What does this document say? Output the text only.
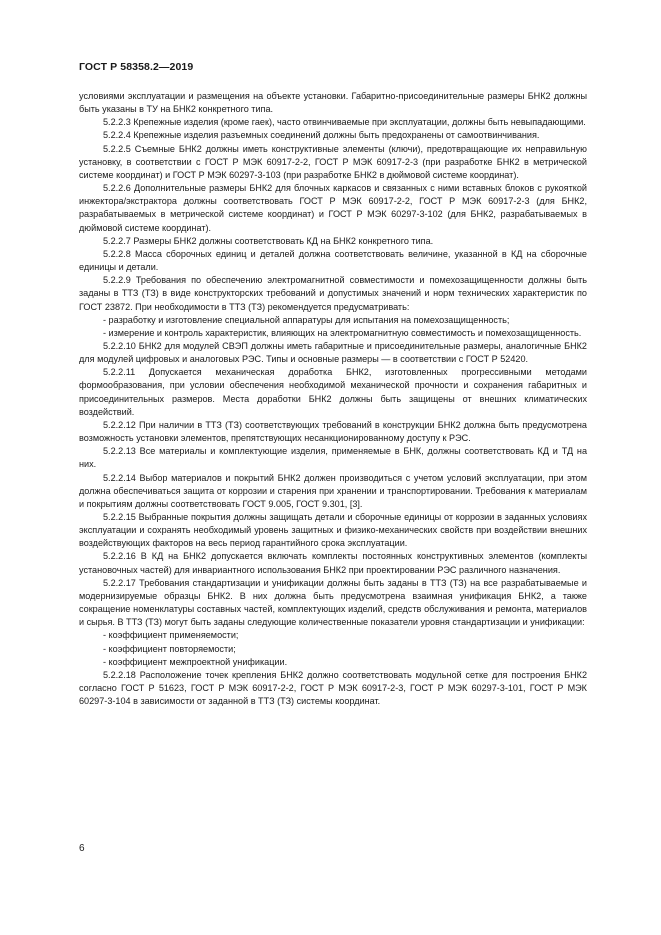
ГОСТ Р 58358.2—2019

условиями эксплуатации и размещения на объекте установки. Габаритно-присоединительные размеры БНК2 должны быть указаны в ТУ на БНК2 конкретного типа.

5.2.2.3 Крепежные изделия (кроме гаек), часто отвинчиваемые при эксплуатации, должны быть невыпадающими.

5.2.2.4 Крепежные изделия разъемных соединений должны быть предохранены от самоотвинчивания.

5.2.2.5 Съемные БНК2 должны иметь конструктивные элементы (ключи), предотвращающие их неправильную установку, в соответствии с ГОСТ Р МЭК 60917-2-2, ГОСТ Р МЭК 60917-2-3 (при разработке БНК2 в метрической системе координат) и ГОСТ Р МЭК 60297-3-103 (при разработке БНК2 в дюймовой системе координат).

5.2.2.6 Дополнительные размеры БНК2 для блочных каркасов и связанных с ними вставных блоков с рукояткой инжектора/экстрактора должны соответствовать ГОСТ Р МЭК 60917-2-2, ГОСТ Р МЭК 60917-2-3 (для БНК2, разрабатываемых в метрической системе координат) и ГОСТ Р МЭК 60297-3-102 (для БНК2, разрабатываемых в дюймовой системе координат).

5.2.2.7 Размеры БНК2 должны соответствовать КД на БНК2 конкретного типа.

5.2.2.8 Масса сборочных единиц и деталей должна соответствовать величине, указанной в КД на сборочные единицы и детали.

5.2.2.9 Требования по обеспечению электромагнитной совместимости и помехозащищенности должны быть заданы в ТТЗ (ТЗ) в виде конструкторских требований и допустимых значений и норм технических характеристик по ГОСТ 23872. При необходимости в ТТЗ (ТЗ) рекомендуется предусматривать:

- разработку и изготовление специальной аппаратуры для испытания на помехозащищенность;

- измерение и контроль характеристик, влияющих на электромагнитную совместимость и помехозащищенность.

5.2.2.10 БНК2 для модулей СВЭП должны иметь габаритные и присоединительные размеры, аналогичные БНК2 для модулей цифровых и аналоговых РЭС. Типы и основные размеры — в соответствии с ГОСТ Р 52420.

5.2.2.11 Допускается механическая доработка БНК2, изготовленных прогрессивными методами формообразования, при условии обеспечения необходимой механической прочности и сохранения габаритных и присоединительных размеров. Места доработки БНК2 должны быть защищены от внешних климатических воздействий.

5.2.2.12 При наличии в ТТЗ (ТЗ) соответствующих требований в конструкции БНК2 должна быть предусмотрена возможность установки элементов, препятствующих несанкционированному доступу к РЭС.

5.2.2.13 Все материалы и комплектующие изделия, применяемые в БНК, должны соответствовать КД и ТД на них.

5.2.2.14 Выбор материалов и покрытий БНК2 должен производиться с учетом условий эксплуатации, при этом должна обеспечиваться защита от коррозии и старения при хранении и транспортировании. Требования к материалам и покрытиям должны соответствовать ГОСТ 9.005, ГОСТ 9.301, [3].

5.2.2.15 Выбранные покрытия должны защищать детали и сборочные единицы от коррозии в заданных условиях эксплуатации и сохранять необходимый уровень защитных и физико-механических свойств при воздействии внешних воздействующих факторов на весь период гарантийного срока эксплуатации.

5.2.2.16 В КД на БНК2 допускается включать комплекты постоянных конструктивных элементов (комплекты установочных частей) для инвариантного использования БНК2 при проектировании РЭС различного назначения.

5.2.2.17 Требования стандартизации и унификации должны быть заданы в ТТЗ (ТЗ) на все разрабатываемые и модернизируемые образцы БНК2. В них должна быть предусмотрена взаимная унификация БНК2, а также сокращение номенклатуры составных частей, комплектующих изделий, средств обслуживания и ремонта, материалов и сырья. В ТТЗ (ТЗ) могут быть заданы следующие количественные показатели уровня стандартизации и унификации:

- коэффициент применяемости;

- коэффициент повторяемости;

- коэффициент межпроектной унификации.

5.2.2.18 Расположение точек крепления БНК2 должно соответствовать модульной сетке для построения БНК2 согласно ГОСТ Р 51623, ГОСТ Р МЭК 60917-2-2, ГОСТ Р МЭК 60917-2-3, ГОСТ Р МЭК 60297-3-101, ГОСТ Р МЭК 60297-3-104 в зависимости от заданной в ТТЗ (ТЗ) системы координат.

6
